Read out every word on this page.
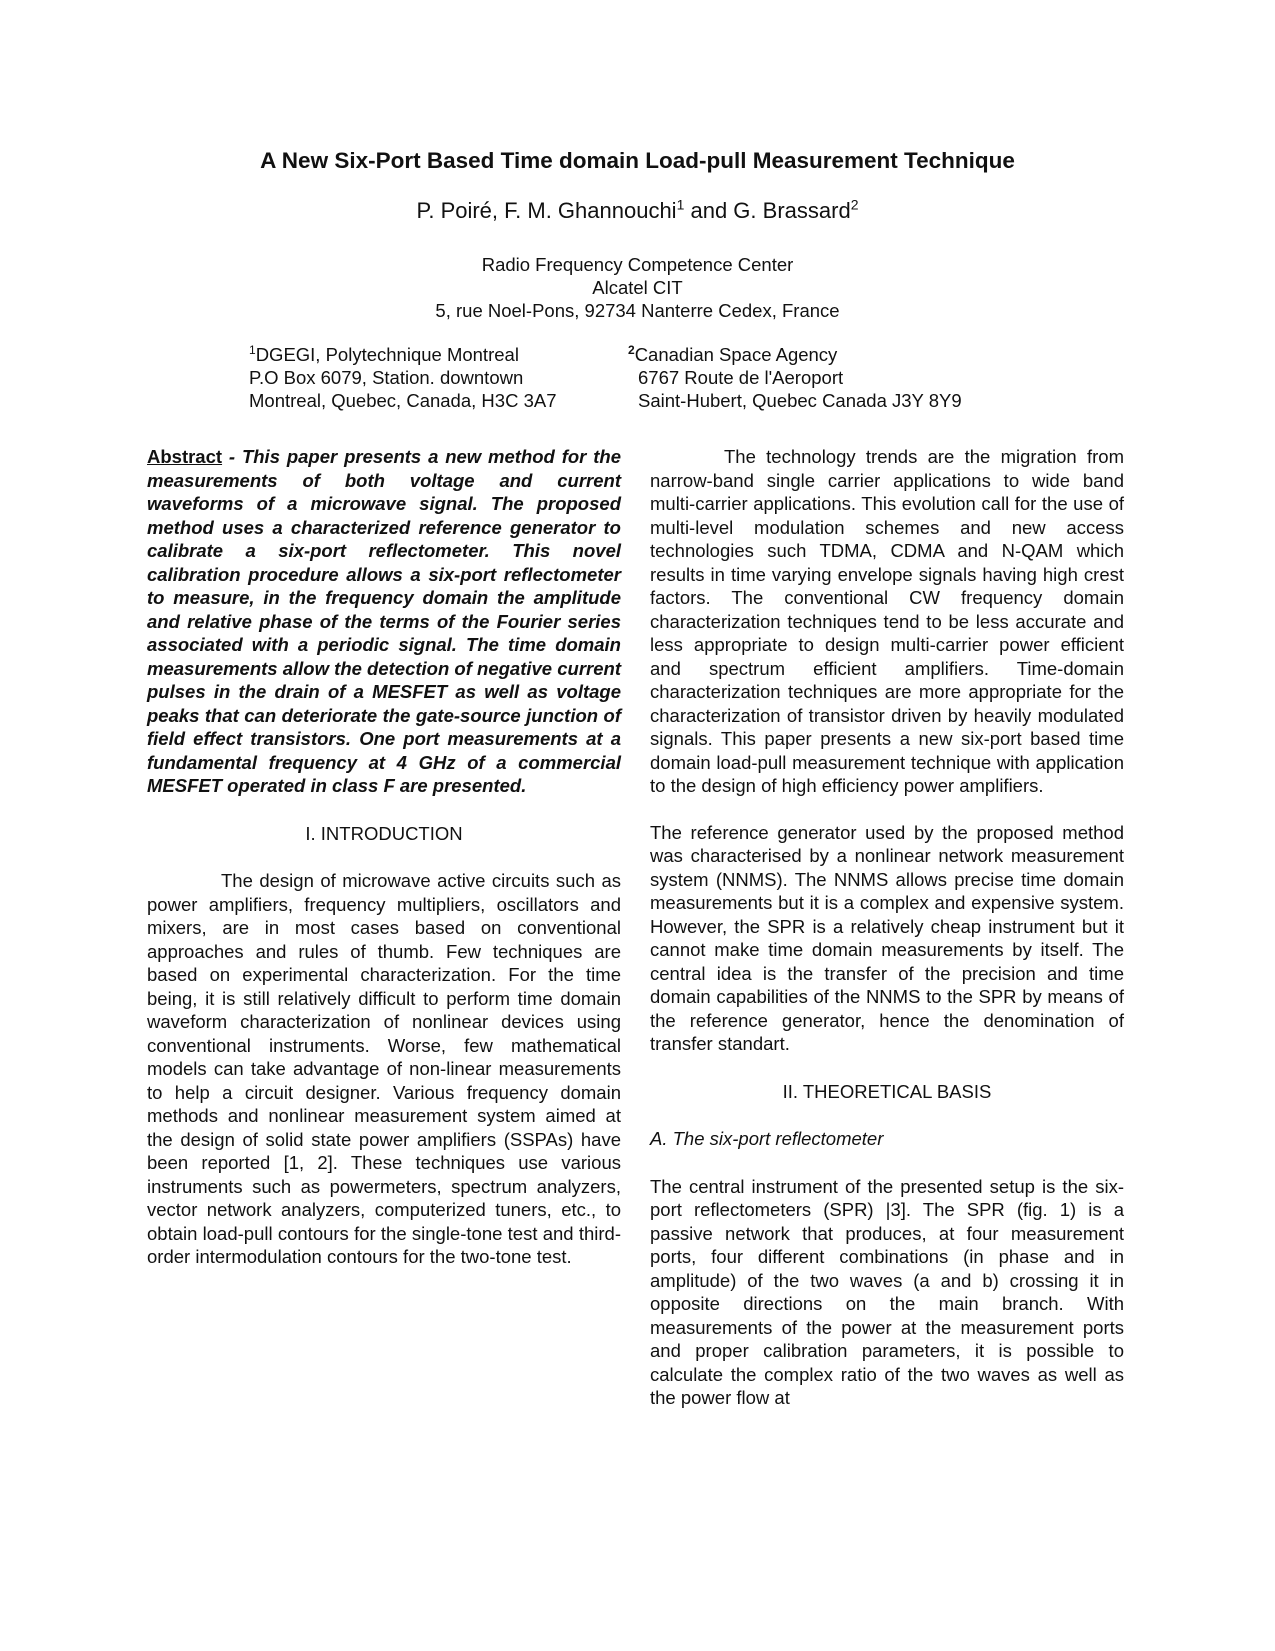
A New Six-Port Based Time domain Load-pull Measurement Technique

P. Poiré, F. M. Ghannouchi$^1$ and G. Brassard$^2$

Radio Frequency Competence Center
Alcatel CIT
5, rue Noel-Pons, 92734 Nanterre Cedex, France
$^1$DGEGI, Polytechnique Montreal
P.O Box 6079, Station. downtown
Montreal, Quebec, Canada, H3C 3A7
$^2$Canadian Space Agency
6767 Route de l'Aeroport
Saint-Hubert, Quebec Canada J3Y 8Y9

Abstract - This paper presents a new method for the measurements of both voltage and current waveforms of a microwave signal. The proposed method uses a characterized reference generator to calibrate a six-port reflectometer. This novel calibration procedure allows a six-port reflectometer to measure, in the frequency domain the amplitude and relative phase of the terms of the Fourier series associated with a periodic signal. The time domain measurements allow the detection of negative current pulses in the drain of a MESFET as well as voltage peaks that can deteriorate the gate-source junction of field effect transistors. One port measurements at a fundamental frequency at 4 GHz of a commercial MESFET operated in class F are presented.

I. INTRODUCTION

The design of microwave active circuits such as power amplifiers, frequency multipliers, oscillators and mixers, are in most cases based on conventional approaches and rules of thumb. Few techniques are based on experimental characterization. For the time being, it is still relatively difficult to perform time domain waveform characterization of nonlinear devices using conventional instruments. Worse, few mathematical models can take advantage of non-linear measurements to help a circuit designer. Various frequency domain methods and nonlinear measurement system aimed at the design of solid state power amplifiers (SSPAs) have been reported [1, 2]. These techniques use various instruments such as powermeters, spectrum analyzers, vector network analyzers, computerized tuners, etc., to obtain load-pull contours for the single-tone test and third-order intermodulation contours for the two-tone test.

The technology trends are the migration from narrow-band single carrier applications to wide band multi-carrier applications. This evolution call for the use of multi-level modulation schemes and new access technologies such TDMA, CDMA and N-QAM which results in time varying envelope signals having high crest factors. The conventional CW frequency domain characterization techniques tend to be less accurate and less appropriate to design multi-carrier power efficient and spectrum efficient amplifiers. Time-domain characterization techniques are more appropriate for the characterization of transistor driven by heavily modulated signals. This paper presents a new six-port based time domain load-pull measurement technique with application to the design of high efficiency power amplifiers.

The reference generator used by the proposed method was characterised by a nonlinear network measurement system (NNMS). The NNMS allows precise time domain measurements but it is a complex and expensive system. However, the SPR is a relatively cheap instrument but it cannot make time domain measurements by itself. The central idea is the transfer of the precision and time domain capabilities of the NNMS to the SPR by means of the reference generator, hence the denomination of transfer standart.

II. THEORETICAL BASIS

A. The six-port reflectometer

The central instrument of the presented setup is the six-port reflectometers (SPR) |3]. The SPR (fig. 1) is a passive network that produces, at four measurement ports, four different combinations (in phase and in amplitude) of the two waves (a and b) crossing it in opposite directions on the main branch. With measurements of the power at the measurement ports and proper calibration parameters, it is possible to calculate the complex ratio of the two waves as well as the power flow at
